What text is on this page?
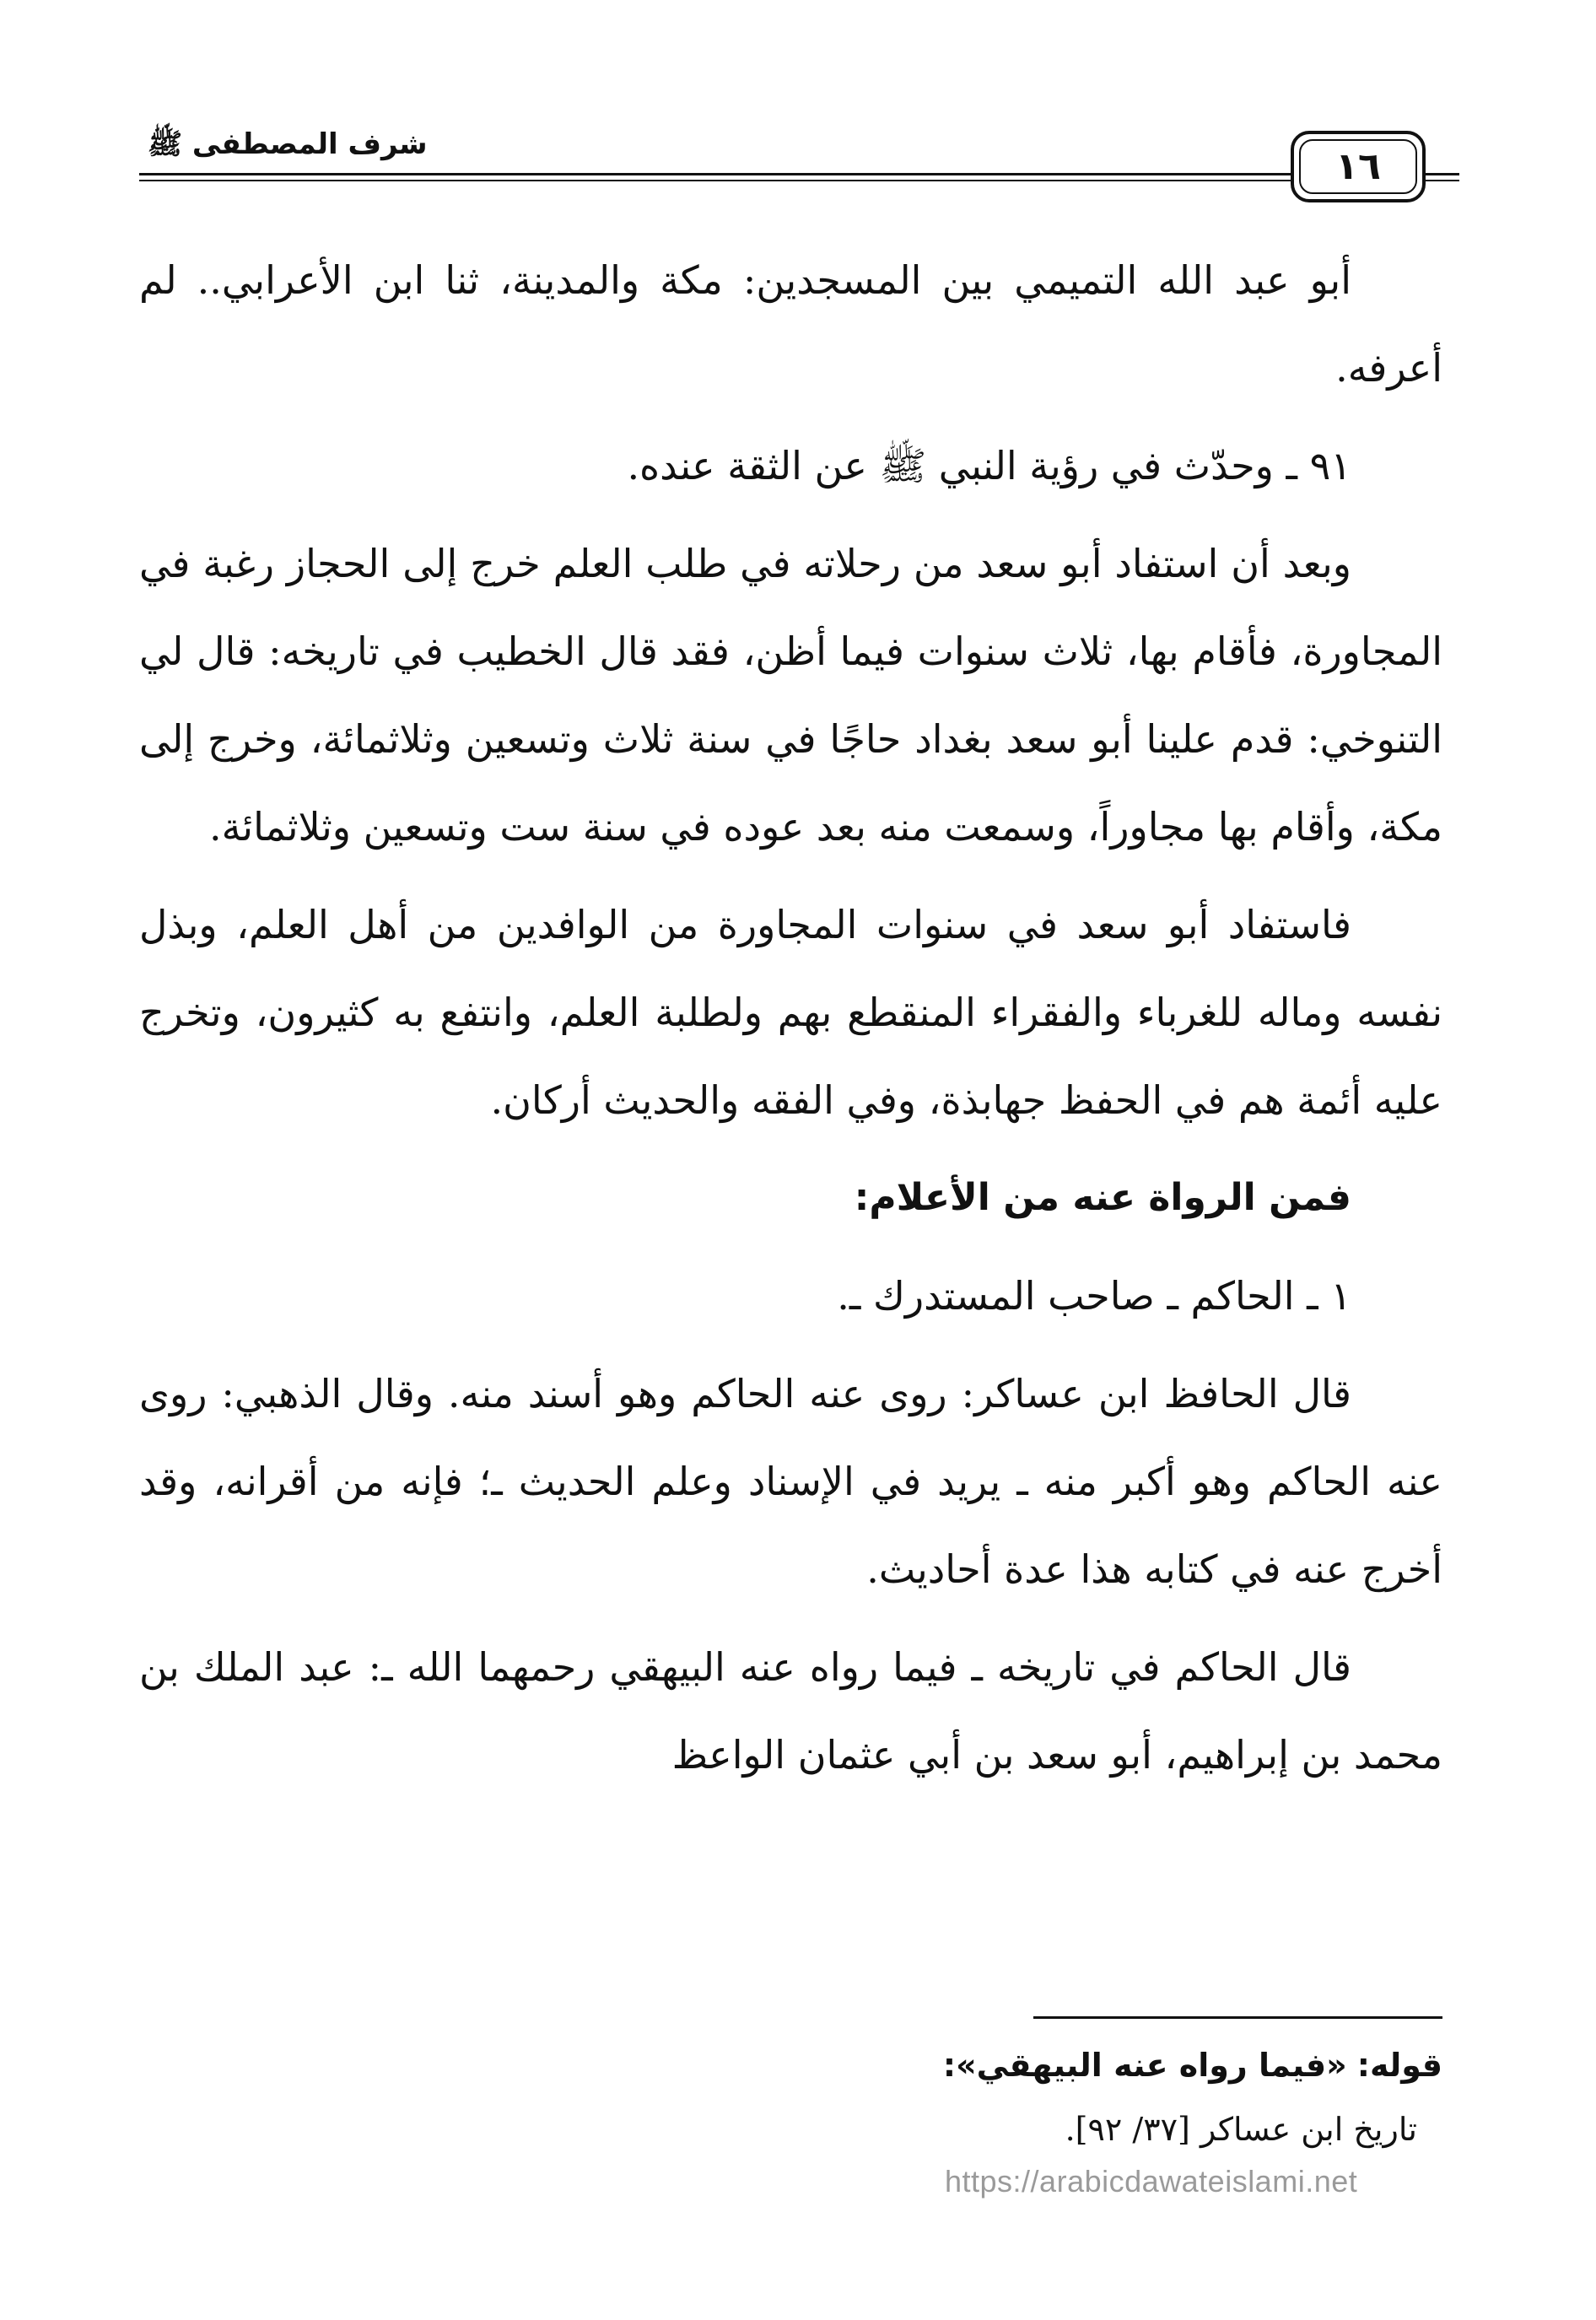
١٦
شرف المصطفى ﷺ

أبو عبد الله التميمي بين المسجدين: مكة والمدينة، ثنا ابن الأعرابي.. لم أعرفه.

٩١ ـ وحدّث في رؤية النبي ﷺ عن الثقة عنده.

وبعد أن استفاد أبو سعد من رحلاته في طلب العلم خرج إلى الحجاز رغبة في المجاورة، فأقام بها، ثلاث سنوات فيما أظن، فقد قال الخطيب في تاريخه: قال لي التنوخي: قدم علينا أبو سعد بغداد حاجًا في سنة ثلاث وتسعين وثلاثمائة، وخرج إلى مكة، وأقام بها مجاوراً، وسمعت منه بعد عوده في سنة ست وتسعين وثلاثمائة.

فاستفاد أبو سعد في سنوات المجاورة من الوافدين من أهل العلم، وبذل نفسه وماله للغرباء والفقراء المنقطع بهم ولطلبة العلم، وانتفع به كثيرون، وتخرج عليه أئمة هم في الحفظ جهابذة، وفي الفقه والحديث أركان.

فمن الرواة عنه من الأعلام:

١ ـ الحاكم ـ صاحب المستدرك ـ.

قال الحافظ ابن عساكر: روى عنه الحاكم وهو أسند منه. وقال الذهبي: روى عنه الحاكم وهو أكبر منه ـ يريد في الإسناد وعلم الحديث ـ؛ فإنه من أقرانه، وقد أخرج عنه في كتابه هذا عدة أحاديث.

قال الحاكم في تاريخه ـ فيما رواه عنه البيهقي رحمهما الله ـ: عبد الملك بن محمد بن إبراهيم، أبو سعد بن أبي عثمان الواعظ

قوله: «فيما رواه عنه البيهقي»:

تاريخ ابن عساكر [٣٧/ ٩٢].

https://arabicdawateislami.net
